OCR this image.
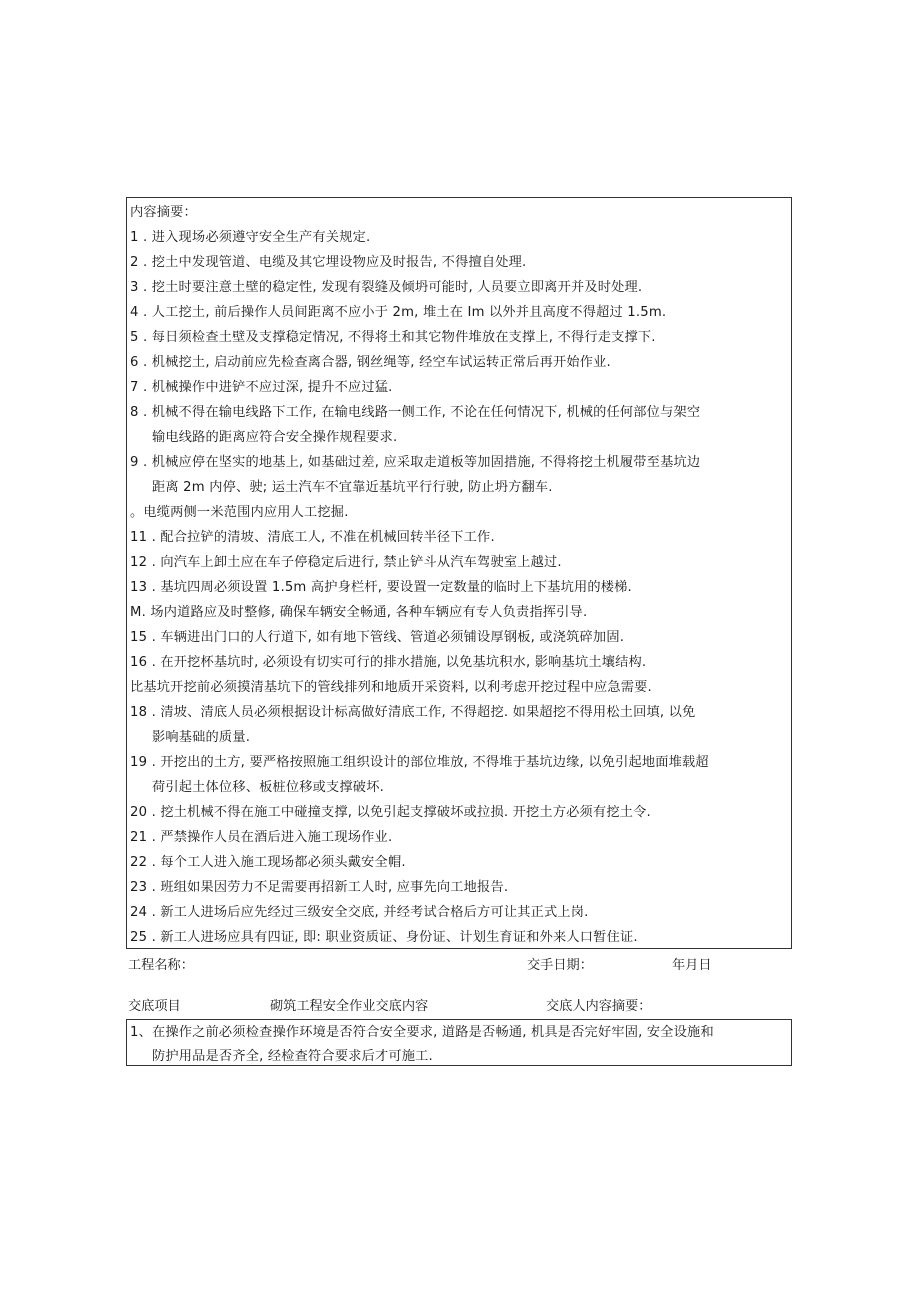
内容摘要：
1 . 进入现场必须遵守安全生产有关规定.
2 . 挖土中发现管道、电缆及其它埋设物应及时报告, 不得擅自处理.
3 . 挖土时要注意土壁的稳定性, 发现有裂缝及倾坍可能时, 人员要立即离开并及时处理.
4 . 人工挖土, 前后操作人员间距离不应小于 2m, 堆土在 Im 以外并且高度不得超过 1.5m.
5 . 每日须检查土壁及支撑稳定情况, 不得将土和其它物件堆放在支撑上, 不得行走支撑下.
6 . 机械挖土, 启动前应先检查离合器, 钢丝绳等, 经空车试运转正常后再开始作业.
7 . 机械操作中进铲不应过深, 提升不应过猛.
8 . 机械不得在输电线路下工作, 在输电线路一侧工作, 不论在任何情况下, 机械的任何部位与架空
输电线路的距离应符合安全操作规程要求.
9 . 机械应停在坚实的地基上, 如基础过差, 应采取走道板等加固措施, 不得将挖土机履带至基坑边
距离 2m 内停、驶; 运土汽车不宜靠近基坑平行行驶, 防止坍方翻车.
。电缆两侧一米范围内应用人工挖掘.
11 . 配合拉铲的清坡、清底工人, 不准在机械回转半径下工作.
12 . 向汽车上卸土应在车子停稳定后进行, 禁止铲斗从汽车驾驶室上越过.
13 . 基坑四周必须设置 1.5m 高护身栏杆, 要设置一定数量的临时上下基坑用的楼梯.
M. 场内道路应及时整修, 确保车辆安全畅通, 各种车辆应有专人负责指挥引导.
15 . 车辆进出门口的人行道下, 如有地下管线、管道必须铺设厚钢板, 或浇筑碎加固.
16 . 在开挖杯基坑时, 必须设有切实可行的排水措施, 以免基坑积水, 影响基坑土壤结构.
比基坑开挖前必须摸清基坑下的管线排列和地质开采资料, 以利考虑开挖过程中应急需要.
18 . 清坡、清底人员必须根据设计标高做好清底工作, 不得超挖. 如果超挖不得用松土回填, 以免
影响基础的质量.
19 . 开挖出的土方, 要严格按照施工组织设计的部位堆放, 不得堆于基坑边缘, 以免引起地面堆载超
荷引起土体位移、板桩位移或支撑破坏.
20 . 挖土机械不得在施工中碰撞支撑, 以免引起支撑破坏或拉损. 开挖土方必须有挖土令.
21 . 严禁操作人员在酒后进入施工现场作业.
22 . 每个工人进入施工现场都必须头戴安全帽.
23 . 班组如果因劳力不足需要再招新工人时, 应事先向工地报告.
24 . 新工人进场后应先经过三级安全交底, 并经考试合格后方可让其正式上岗.
25 . 新工人进场应具有四证, 即: 职业资质证、身份证、计划生育证和外来人口暂住证.
工程名称：	交手日期：	年月日
交底项目	砌筑工程安全作业交底内容	交底人内容摘要：
1、在操作之前必须检查操作环境是否符合安全要求, 道路是否畅通, 机具是否完好牢固, 安全设施和
防护用品是否齐全, 经检查符合要求后才可施工.
